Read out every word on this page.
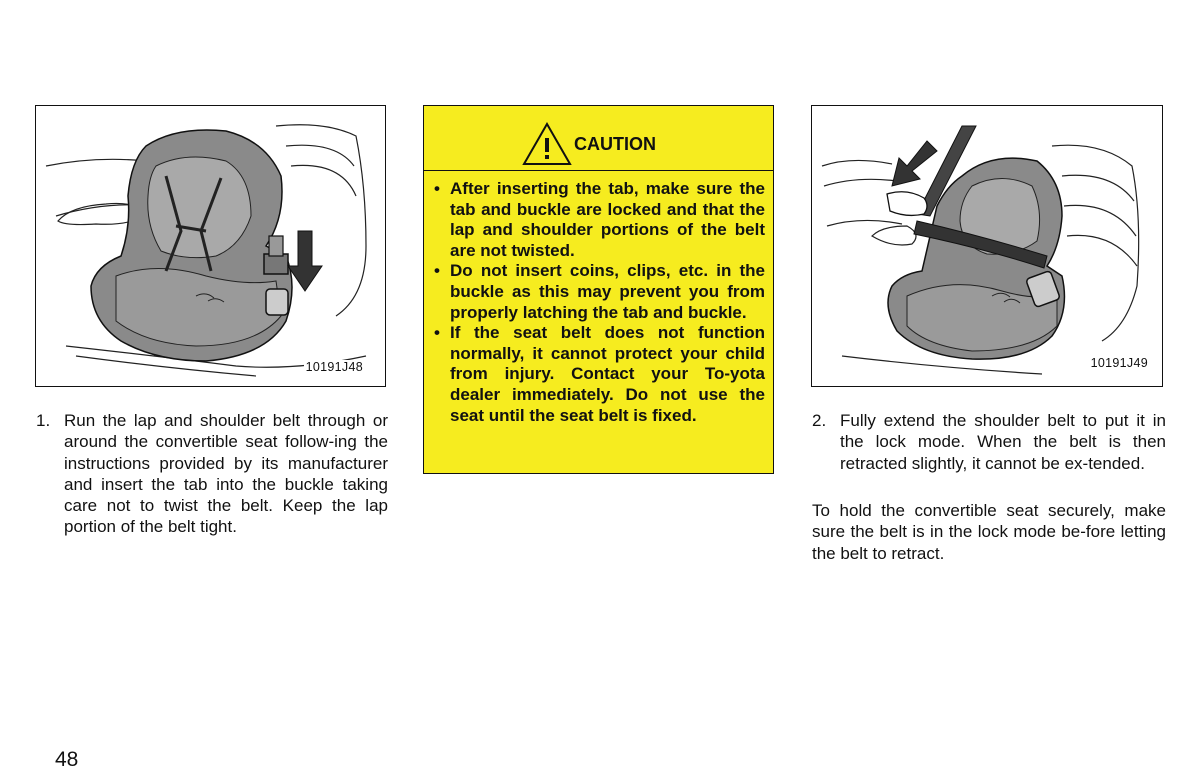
10191J48
CAUTION
• After inserting the tab, make sure the tab and buckle are locked and that the lap and shoulder portions of the belt are not twisted.
• Do not insert coins, clips, etc. in the buckle as this may prevent you from properly latching the tab and buckle.
• If the seat belt does not function normally, it cannot protect your child from injury. Contact your To-yota dealer immediately. Do not use the seat until the seat belt is fixed.
10191J49
1. Run the lap and shoulder belt through or around the convertible seat follow-ing the instructions provided by its manufacturer and insert the tab into the buckle taking care not to twist the belt. Keep the lap portion of the belt tight.
2. Fully extend the shoulder belt to put it in the lock mode. When the belt is then retracted slightly, it cannot be ex-tended.
To hold the convertible seat securely, make sure the belt is in the lock mode be-fore letting the belt to retract.
48
